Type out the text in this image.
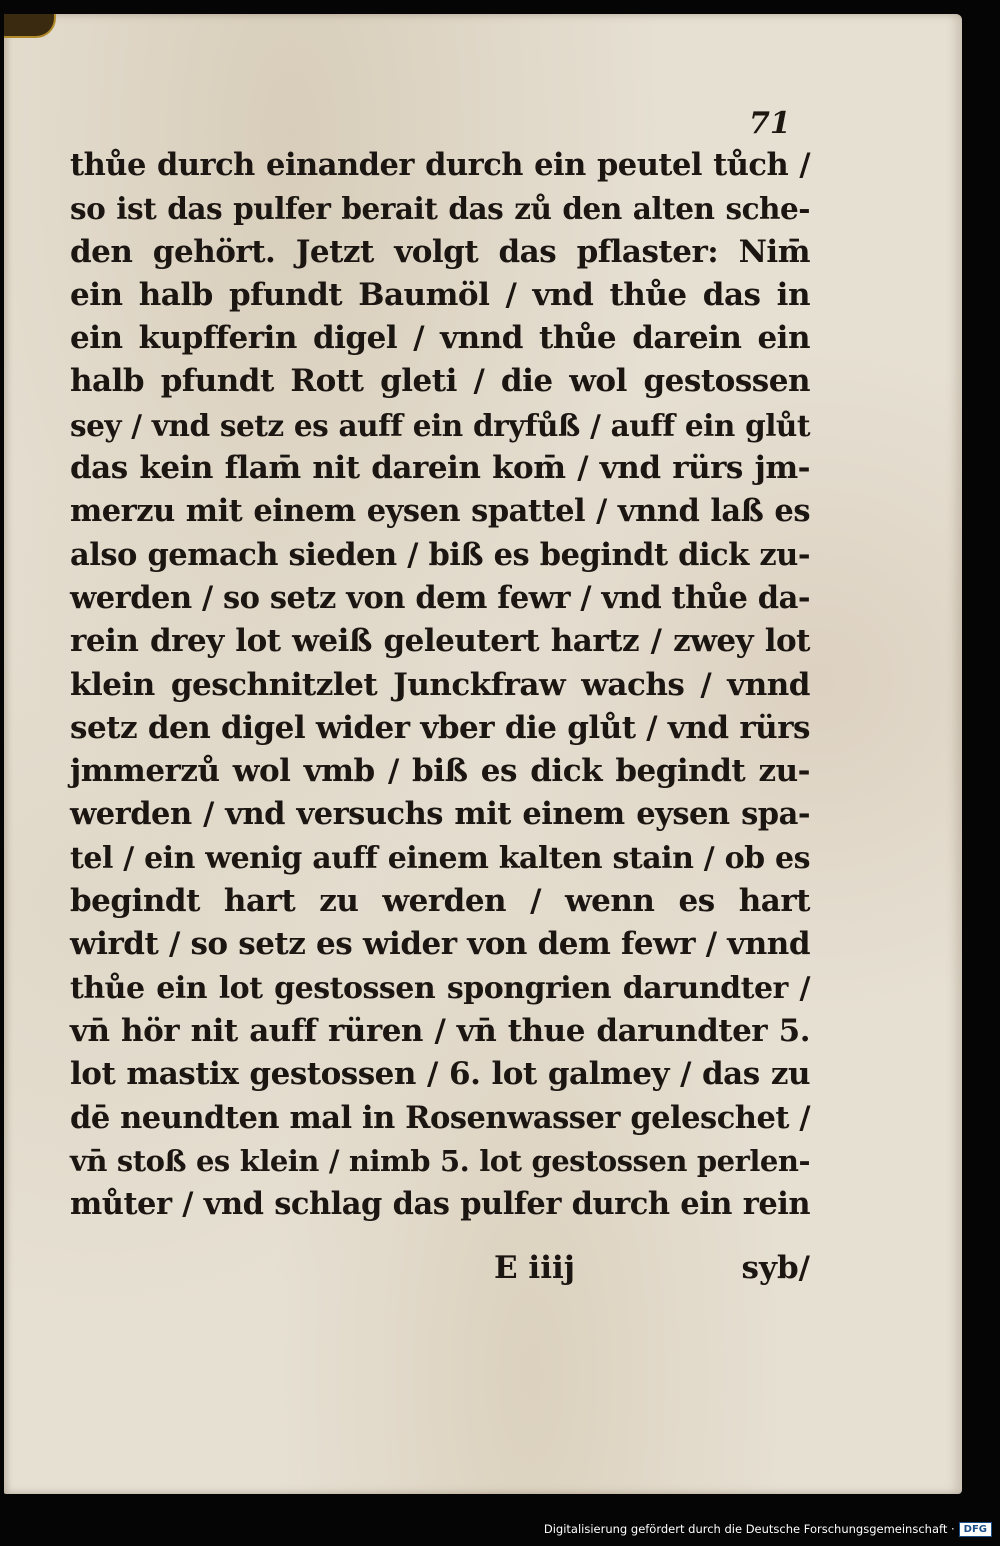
71
thůe durch einander durch ein peutel tůch /
so ist das pulfer berait das zů den alten sche-
den gehört. Jetzt volgt das pflaster: Nim̄
ein halb pfundt Baumöl / vnd thůe das in
ein kupfferin digel / vnnd thůe darein ein
halb pfundt Rott gleti / die wol gestossen
sey / vnd setz es auff ein dryfůß / auff ein glůt
das kein flam̄ nit darein kom̄ / vnd rürs jm-
merzu mit einem eysen spattel / vnnd laß es
also gemach sieden / biß es begindt dick zu-
werden / so setz von dem fewr / vnd thůe da-
rein drey lot weiß geleutert hartz / zwey lot
klein geschnitzlet Junckfraw wachs / vnnd
setz den digel wider vber die glůt / vnd rürs
jmmerzů wol vmb / biß es dick begindt zu-
werden / vnd versuchs mit einem eysen spa-
tel / ein wenig auff einem kalten stain / ob es
begindt hart zu werden / wenn es hart
wirdt / so setz es wider von dem fewr / vnnd
thůe ein lot gestossen spongrien darundter /
vn̄ hör nit auff rüren / vn̄ thue darundter 5.
lot mastix gestossen / 6. lot galmey / das zu
dē neundten mal in Rosenwasser geleschet /
vn̄ stoß es klein / nimb 5. lot gestossen perlen-
můter / vnd schlag das pulfer durch ein rein
E iiij	syb/
Digitalisierung gefördert durch die Deutsche Forschungsgemeinschaft · DFG
